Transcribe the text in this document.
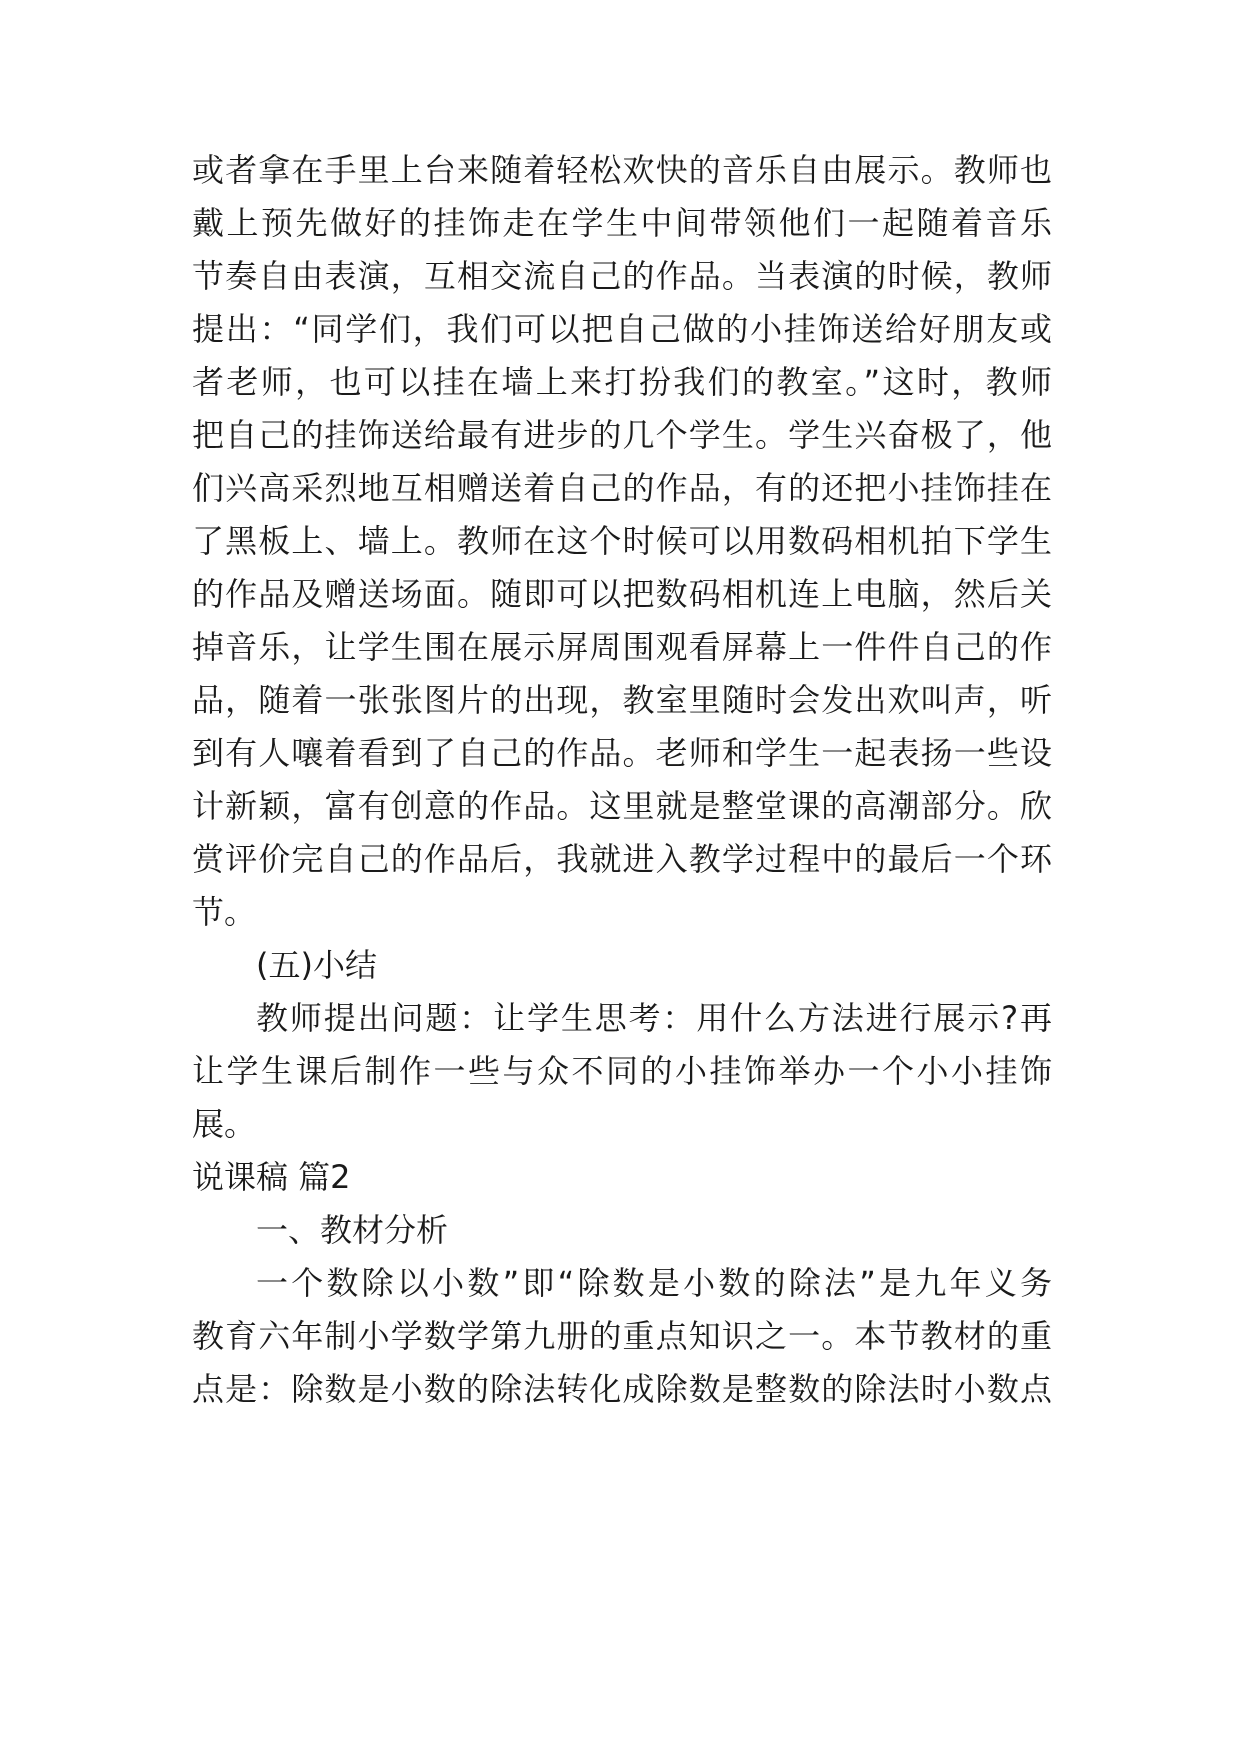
或者拿在手里上台来随着轻松欢快的音乐自由展示。教师也
戴上预先做好的挂饰走在学生中间带领他们一起随着音乐
节奏自由表演，互相交流自己的作品。当表演的时候，教师
提出：“同学们，我们可以把自己做的小挂饰送给好朋友或
者老师，也可以挂在墙上来打扮我们的教室。”这时，教师
把自己的挂饰送给最有进步的几个学生。学生兴奋极了，他
们兴高采烈地互相赠送着自己的作品，有的还把小挂饰挂在
了黑板上、墙上。教师在这个时候可以用数码相机拍下学生
的作品及赠送场面。随即可以把数码相机连上电脑，然后关
掉音乐，让学生围在展示屏周围观看屏幕上一件件自己的作
品，随着一张张图片的出现，教室里随时会发出欢叫声，听
到有人嚷着看到了自己的作品。老师和学生一起表扬一些设
计新颖，富有创意的作品。这里就是整堂课的高潮部分。欣
赏评价完自己的作品后，我就进入教学过程中的最后一个环
节。
(五)小结
教师提出问题：让学生思考：用什么方法进行展示?再
让学生课后制作一些与众不同的小挂饰举办一个小小挂饰
展。
说课稿 篇2
一、教材分析
一个数除以小数”即“除数是小数的除法”是九年义务
教育六年制小学数学第九册的重点知识之一。本节教材的重
点是：除数是小数的除法转化成除数是整数的除法时小数点
